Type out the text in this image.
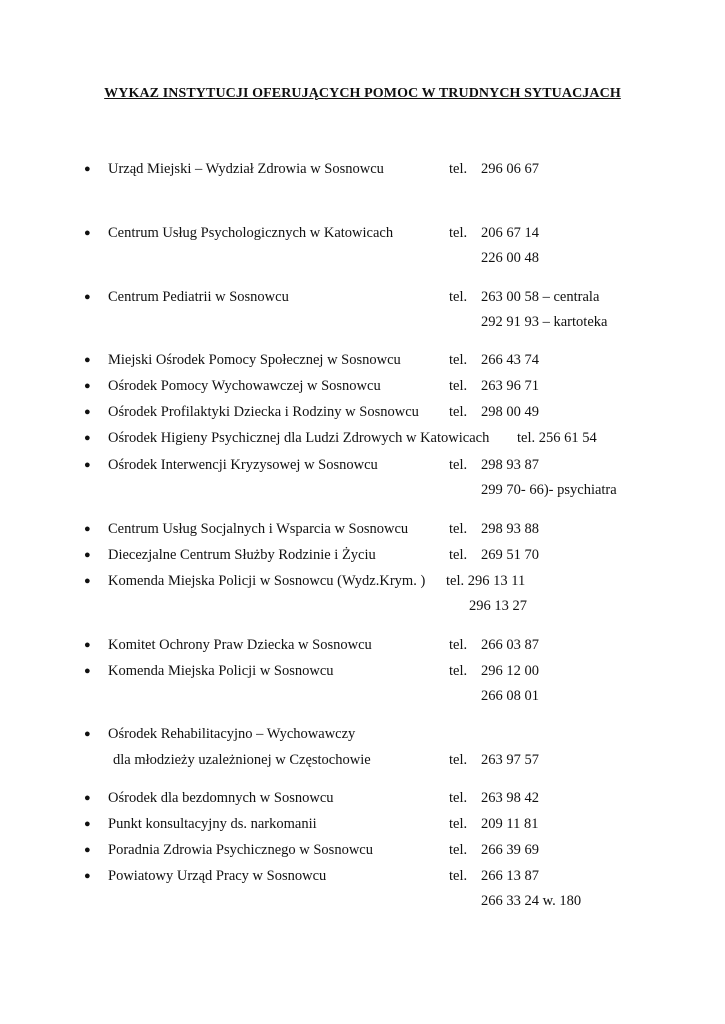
WYKAZ INSTYTUCJI OFERUJĄCYCH POMOC W TRUDNYCH SYTUACJACH
● Urząd Miejski – Wydział Zdrowia w Sosnowcu	tel. 296 06 67
● Centrum Usług Psychologicznych w Katowicach	tel. 206 67 14
226 00 48
● Centrum Pediatrii w Sosnowcu	tel. 263 00 58 – centrala
292 91 93 – kartoteka
● Miejski Ośrodek Pomocy Społecznej w Sosnowcu	tel. 266 43 74
● Ośrodek Pomocy Wychowawczej w Sosnowcu	tel. 263 96 71
● Ośrodek Profilaktyki Dziecka i Rodziny w Sosnowcu tel. 298 00 49
● Ośrodek Higieny Psychicznej dla Ludzi Zdrowych w Katowicach tel. 256 61 54
● Ośrodek Interwencji Kryzysowej w Sosnowcu	tel. 298 93 87
299 70- 66)- psychiatra
● Centrum Usług Socjalnych i Wsparcia w Sosnowcu	tel. 298 93 88
● Diecezjalne Centrum Służby Rodzinie i Życiu	tel. 269 51 70
● Komenda Miejska Policji w Sosnowcu (Wydz.Krym. ) tel. 296 13 11
296 13 27
● Komitet Ochrony Praw Dziecka w Sosnowcu	tel. 266 03 87
● Komenda Miejska Policji w Sosnowcu	tel. 296 12 00
266 08 01
● Ośrodek Rehabilitacyjno – Wychowawczy
dla młodzieży uzależnionej w Częstochowie	tel. 263 97 57
● Ośrodek dla bezdomnych w Sosnowcu	tel. 263 98 42
● Punkt konsultacyjny ds. narkomanii	tel. 209 11 81
● Poradnia Zdrowia Psychicznego w Sosnowcu	tel. 266 39 69
● Powiatowy Urząd Pracy w Sosnowcu	tel. 266 13 87
266 33 24 w. 180
